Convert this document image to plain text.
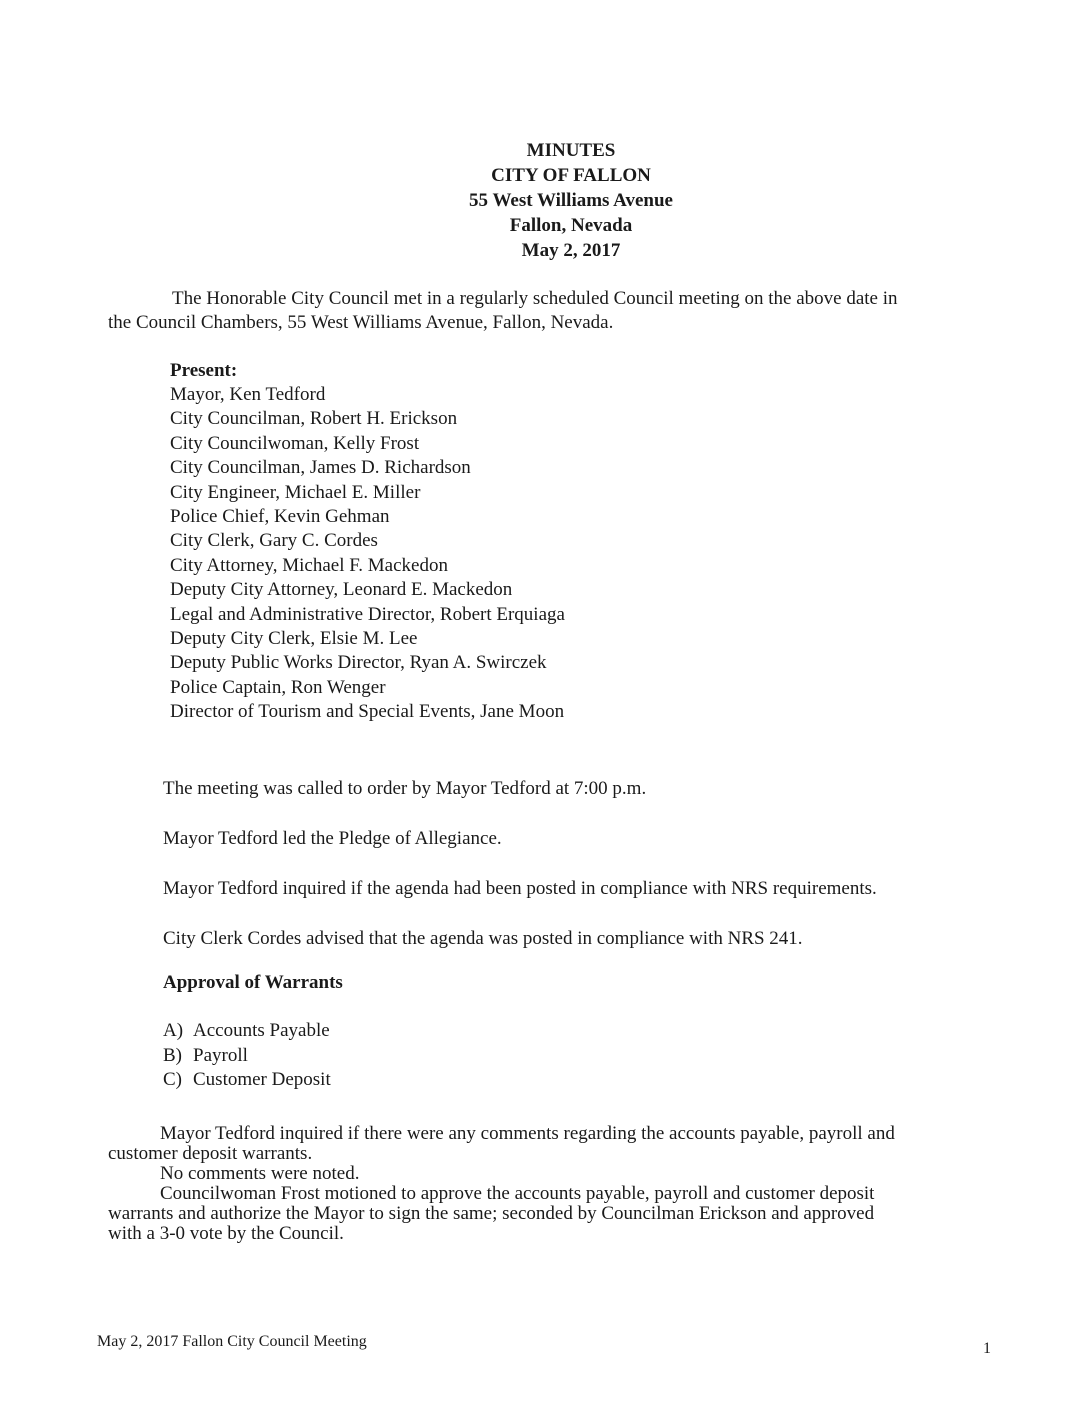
MINUTES
CITY OF FALLON
55 West Williams Avenue
Fallon, Nevada
May 2, 2017
The Honorable City Council met in a regularly scheduled Council meeting on the above date in
the Council Chambers, 55 West Williams Avenue, Fallon, Nevada.
Present:
Mayor, Ken Tedford
City Councilman, Robert H. Erickson
City Councilwoman, Kelly Frost
City Councilman, James D. Richardson
City Engineer, Michael E. Miller
Police Chief, Kevin Gehman
City Clerk, Gary C. Cordes
City Attorney, Michael F. Mackedon
Deputy City Attorney, Leonard E. Mackedon
Legal and Administrative Director, Robert Erquiaga
Deputy City Clerk, Elsie M. Lee
Deputy Public Works Director, Ryan A. Swirczek
Police Captain, Ron Wenger
Director of Tourism and Special Events, Jane Moon
The meeting was called to order by Mayor Tedford at 7:00 p.m.
Mayor Tedford led the Pledge of Allegiance.
Mayor Tedford inquired if the agenda had been posted in compliance with NRS requirements.
City Clerk Cordes advised that the agenda was posted in compliance with NRS 241.
Approval of Warrants
A) Accounts Payable
B) Payroll
C) Customer Deposit
Mayor Tedford inquired if there were any comments regarding the accounts payable, payroll and
customer deposit warrants.
No comments were noted.
Councilwoman Frost motioned to approve the accounts payable, payroll and customer deposit
warrants and authorize the Mayor to sign the same; seconded by Councilman Erickson and approved
with a 3-0 vote by the Council.
May 2, 2017 Fallon City Council Meeting	1
